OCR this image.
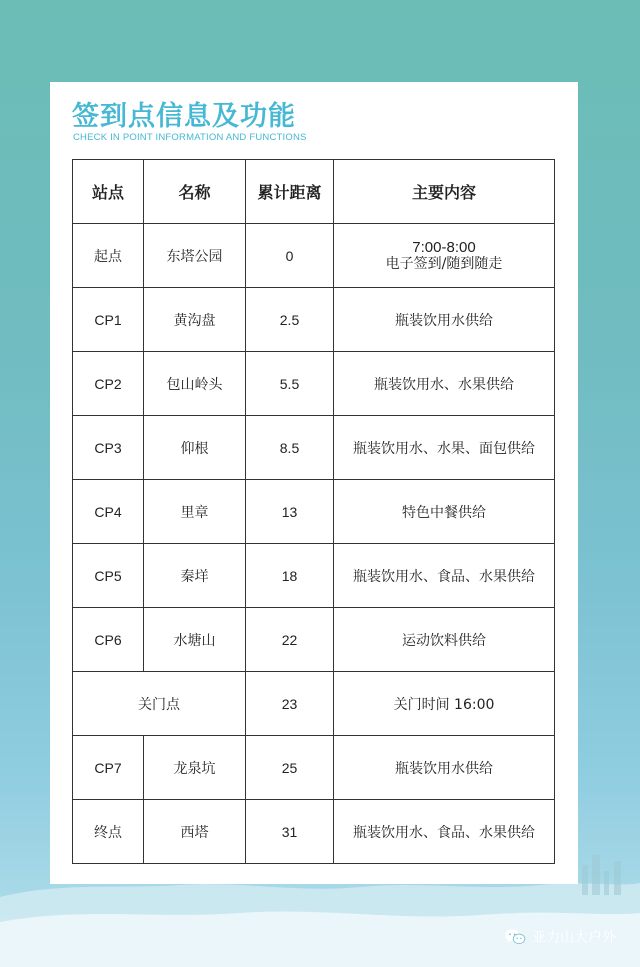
签到点信息及功能
CHECK IN POINT INFORMATION AND FUNCTIONS
站点	名称	累计距离	主要内容
起点	东塔公园	0	7:00-8:00
电子签到/随到随走

CP1	黄沟盘	2.5	瓶装饮用水供给
CP2	包山岭头	5.5	瓶装饮用水、水果供给
CP3	仰根	8.5	瓶装饮用水、水果、面包供给
CP4	里章	13	特色中餐供给
CP5	秦垟	18	瓶装饮用水、食品、水果供给
CP6	水塘山	22	运动饮料供给
关门点		23	关门时间 16:00
CP7	龙泉坑	25	瓶装饮用水供给
终点	西塔	31	瓶装饮用水、食品、水果供给
亚力山大户外
